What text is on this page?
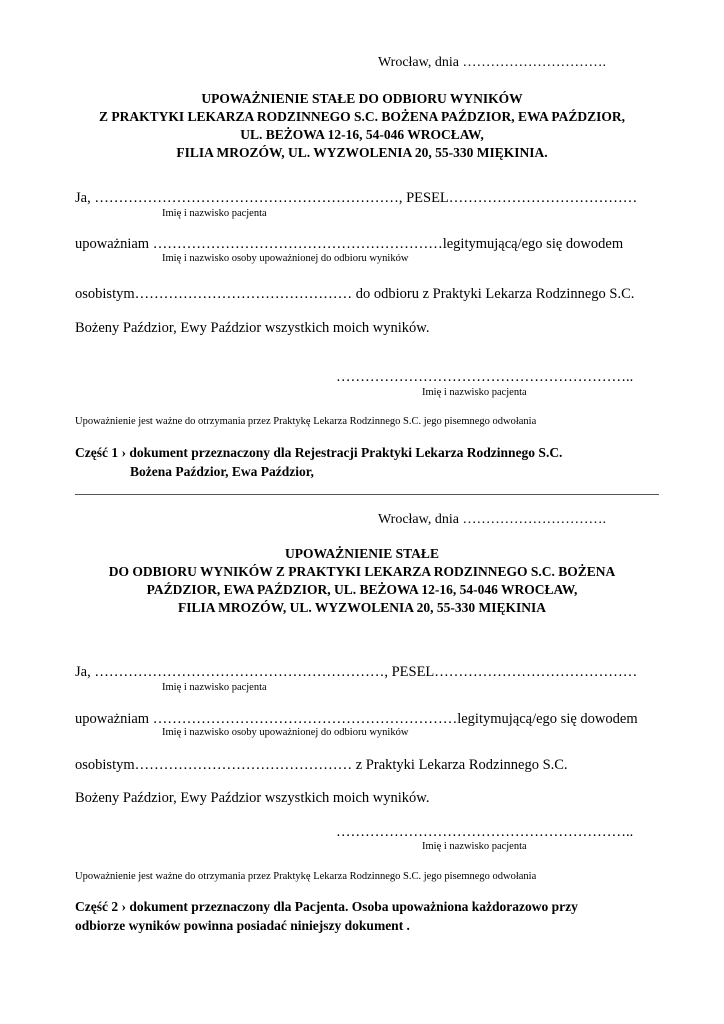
Wrocław, dnia ………………………….
UPOWAŻNIENIE STAŁE DO ODBIORU WYNIKÓW
Z PRAKTYKI LEKARZA RODZINNEGO S.C. BOŻENA PAŹDZIOR, EWA PAŹDZIOR,
UL. BEŻOWA 12-16, 54-046 WROCŁAW,
FILIA MROZÓW, UL. WYZWOLENIA 20, 55-330 MIĘKINIA.
Ja, ………………………………………………………, PESEL…………………………………
Imię i nazwisko pacjenta
upoważniam ……………………………………………………legitymującą/ego się dowodem
Imię i nazwisko osoby upoważnionej do odbioru wyników
osobistym……………………………………… do odbioru z Praktyki Lekarza Rodzinnego S.C.
Bożeny Paździor, Ewy Paździor wszystkich moich wyników.
……………………………………………………..
Imię i nazwisko pacjenta
Upoważnienie jest ważne do otrzymania przez Praktykę Lekarza Rodzinnego S.C. jego pisemnego odwołania
Część 1 › dokument przeznaczony dla Rejestracji Praktyki Lekarza Rodzinnego S.C.
Bożena Paździor, Ewa Paździor,
Wrocław, dnia ………………………….
UPOWAŻNIENIE STAŁE
DO ODBIORU WYNIKÓW Z PRAKTYKI LEKARZA RODZINNEGO S.C. BOŻENA
PAŹDZIOR, EWA PAŹDZIOR, UL. BEŻOWA 12-16, 54-046 WROCŁAW,
FILIA MROZÓW, UL. WYZWOLENIA 20, 55-330 MIĘKINIA
Ja, ……………………………………………………, PESEL……………………………………
Imię i nazwisko pacjenta
upoważniam ………………………………………………………legitymującą/ego się dowodem
Imię i nazwisko osoby upoważnionej do odbioru wyników
osobistym……………………………………… z Praktyki Lekarza Rodzinnego S.C.
Bożeny Paździor, Ewy Paździor wszystkich moich wyników.
……………………………………………………..
Imię i nazwisko pacjenta
Upoważnienie jest ważne do otrzymania przez Praktykę Lekarza Rodzinnego S.C. jego pisemnego odwołania
Część 2 › dokument przeznaczony dla Pacjenta. Osoba upoważniona każdorazowo przy
odbiorze wyników powinna posiadać niniejszy dokument .
